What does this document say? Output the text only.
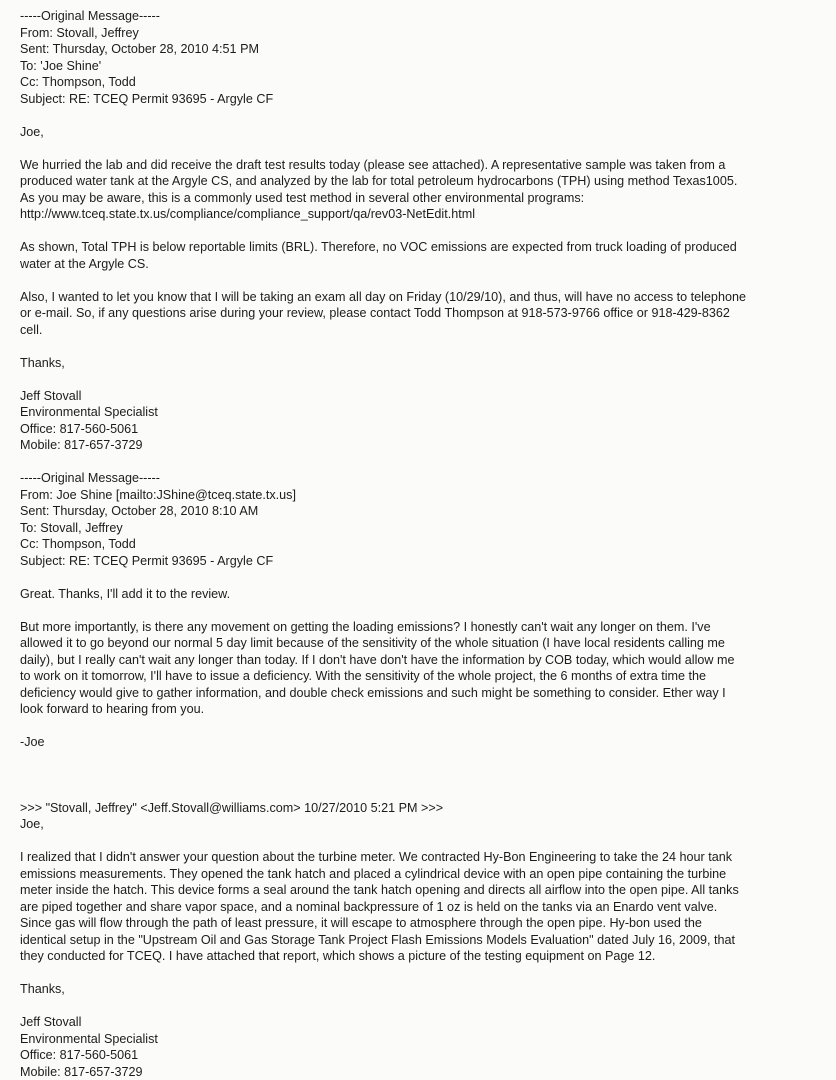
-----Original Message-----
From: Stovall, Jeffrey
Sent: Thursday, October 28, 2010 4:51 PM
To: 'Joe Shine'
Cc: Thompson, Todd
Subject: RE: TCEQ Permit 93695 - Argyle CF
Joe,
We hurried the lab and did receive the draft test results today (please see attached). A representative sample was taken from a
produced water tank at the Argyle CS, and analyzed by the lab for total petroleum hydrocarbons (TPH) using method Texas1005.
As you may be aware, this is a commonly used test method in several other environmental programs:
http://www.tceq.state.tx.us/compliance/compliance_support/qa/rev03-NetEdit.html
As shown, Total TPH is below reportable limits (BRL). Therefore, no VOC emissions are expected from truck loading of produced
water at the Argyle CS.
Also, I wanted to let you know that I will be taking an exam all day on Friday (10/29/10), and thus, will have no access to telephone
or e-mail. So, if any questions arise during your review, please contact Todd Thompson at 918-573-9766 office or 918-429-8362
cell.
Thanks,
Jeff Stovall
Environmental Specialist
Office: 817-560-5061
Mobile: 817-657-3729
-----Original Message-----
From: Joe Shine [mailto:JShine@tceq.state.tx.us]
Sent: Thursday, October 28, 2010 8:10 AM
To: Stovall, Jeffrey
Cc: Thompson, Todd
Subject: RE: TCEQ Permit 93695 - Argyle CF
Great. Thanks, I'll add it to the review.
But more importantly, is there any movement on getting the loading emissions? I honestly can't wait any longer on them. I've
allowed it to go beyond our normal 5 day limit because of the sensitivity of the whole situation (I have local residents calling me
daily), but I really can't wait any longer than today. If I don't have don't have the information by COB today, which would allow me
to work on it tomorrow, I'll have to issue a deficiency. With the sensitivity of the whole project, the 6 months of extra time the
deficiency would give to gather information, and double check emissions and such might be something to consider. Ether way I
look forward to hearing from you.
-Joe
>>> "Stovall, Jeffrey" <Jeff.Stovall@williams.com> 10/27/2010 5:21 PM >>>
Joe,
I realized that I didn't answer your question about the turbine meter. We contracted Hy-Bon Engineering to take the 24 hour tank
emissions measurements. They opened the tank hatch and placed a cylindrical device with an open pipe containing the turbine
meter inside the hatch. This device forms a seal around the tank hatch opening and directs all airflow into the open pipe. All tanks
are piped together and share vapor space, and a nominal backpressure of 1 oz is held on the tanks via an Enardo vent valve.
Since gas will flow through the path of least pressure, it will escape to atmosphere through the open pipe. Hy-bon used the
identical setup in the "Upstream Oil and Gas Storage Tank Project Flash Emissions Models Evaluation" dated July 16, 2009, that
they conducted for TCEQ. I have attached that report, which shows a picture of the testing equipment on Page 12.
Thanks,
Jeff Stovall
Environmental Specialist
Office: 817-560-5061
Mobile: 817-657-3729
